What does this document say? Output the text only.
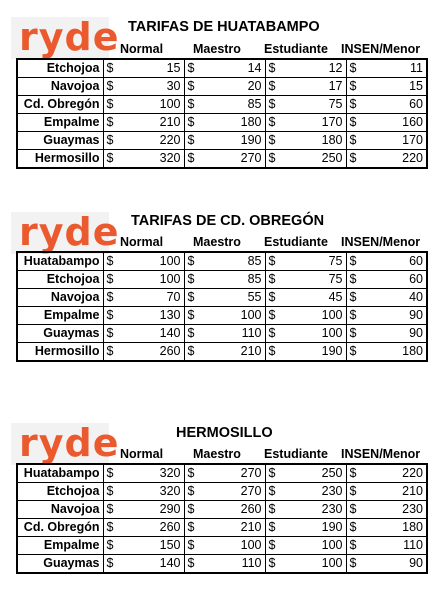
ryde TARIFAS DE HUATABAMPO
Normal Maestro Estudiante INSEN/Menor
Etchojoa	$ 15	$ 14	$ 12	$ 11
Navojoa	$ 30	$ 20	$ 17	$ 15
Cd. Obregón	$ 100	$ 85	$ 75	$ 60
Empalme	$ 210	$ 180	$ 170	$ 160
Guaymas	$ 220	$ 190	$ 180	$ 170
Hermosillo	$ 320	$ 270	$ 250	$ 220
ryde TARIFAS DE CD. OBREGÓN
Normal Maestro Estudiante INSEN/Menor
Huatabampo	$ 100	$ 85	$ 75	$ 60
Etchojoa	$ 100	$ 85	$ 75	$ 60
Navojoa	$ 70	$ 55	$ 45	$ 40
Empalme	$ 130	$ 100	$ 100	$ 90
Guaymas	$ 140	$ 110	$ 100	$ 90
Hermosillo	$ 260	$ 210	$ 190	$ 180
ryde	HERMOSILLO
Normal Maestro Estudiante INSEN/Menor
Huatabampo	$ 320	$ 270	$ 250	$ 220
Etchojoa	$ 320	$ 270	$ 230	$ 210
Navojoa	$ 290	$ 260	$ 230	$ 230
Cd. Obregón	$ 260	$ 210	$ 190	$ 180
Empalme	$ 150	$ 100	$ 100	$ 110
Guaymas	$ 140	$ 110	$ 100	$ 90
